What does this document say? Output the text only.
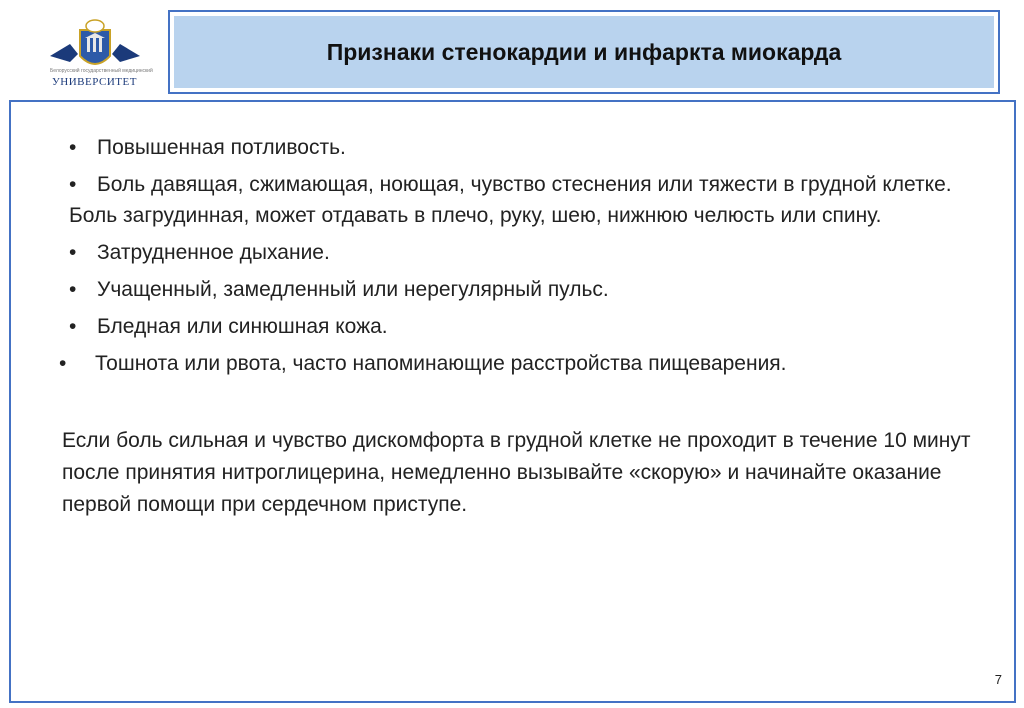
Белорусский государственный медицинский
УНИВЕРСИТЕТ
Признаки стенокардии и инфаркта миокарда
• Повышенная потливость.
• Боль давящая, сжимающая, ноющая, чувство стеснения или тяжести в грудной клетке. Боль загрудинная, может отдавать в плечо, руку, шею, нижнюю челюсть или спину.
• Затрудненное дыхание.
• Учащенный, замедленный или нерегулярный пульс.
• Бледная или синюшная кожа.
• Тошнота или рвота, часто напоминающие расстройства пищеварения.
Если боль сильная и чувство дискомфорта в грудной клетке не проходит в течение 10 минут после принятия нитроглицерина, немедленно вызывайте «скорую» и начинайте оказание первой помощи при сердечном приступе.
7
